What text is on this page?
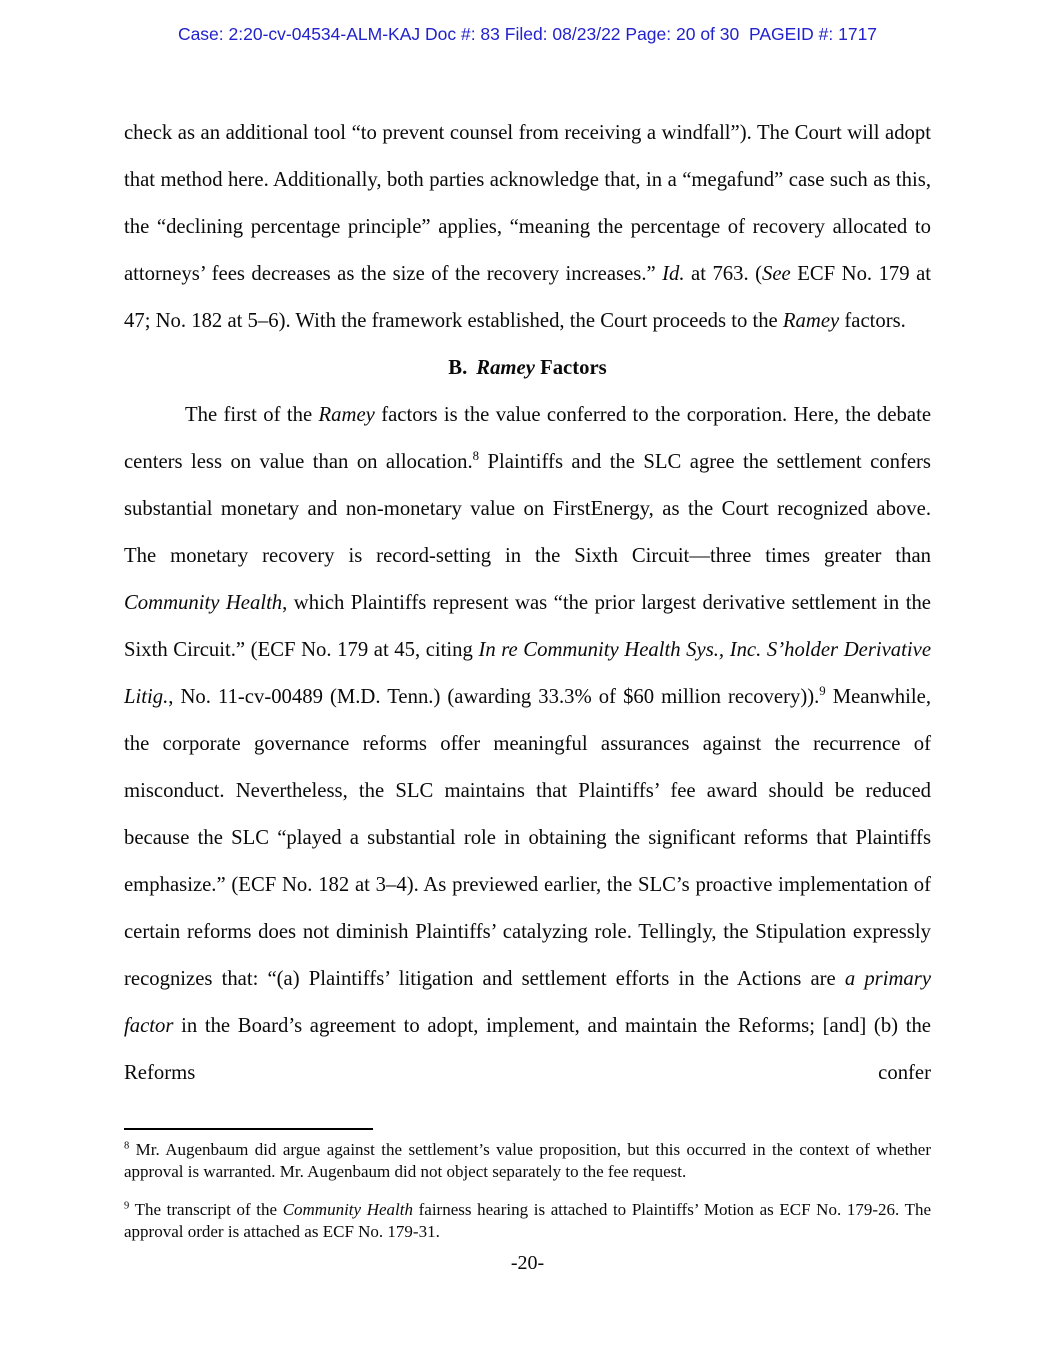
Case: 2:20-cv-04534-ALM-KAJ Doc #: 83 Filed: 08/23/22 Page: 20 of 30  PAGEID #: 1717

check as an additional tool “to prevent counsel from receiving a windfall”). The Court will adopt that method here. Additionally, both parties acknowledge that, in a “megafund” case such as this, the “declining percentage principle” applies, “meaning the percentage of recovery allocated to attorneys’ fees decreases as the size of the recovery increases.” Id. at 763. (See ECF No. 179 at 47; No. 182 at 5–6). With the framework established, the Court proceeds to the Ramey factors.

B. Ramey Factors

The first of the Ramey factors is the value conferred to the corporation. Here, the debate centers less on value than on allocation.$^8$ Plaintiffs and the SLC agree the settlement confers substantial monetary and non-monetary value on FirstEnergy, as the Court recognized above. The monetary recovery is record-setting in the Sixth Circuit—three times greater than Community Health, which Plaintiffs represent was “the prior largest derivative settlement in the Sixth Circuit.” (ECF No. 179 at 45, citing In re Community Health Sys., Inc. S’holder Derivative Litig., No. 11-cv-00489 (M.D. Tenn.) (awarding 33.3% of $60 million recovery)).$^9$ Meanwhile, the corporate governance reforms offer meaningful assurances against the recurrence of misconduct. Nevertheless, the SLC maintains that Plaintiffs’ fee award should be reduced because the SLC “played a substantial role in obtaining the significant reforms that Plaintiffs emphasize.” (ECF No. 182 at 3–4). As previewed earlier, the SLC’s proactive implementation of certain reforms does not diminish Plaintiffs’ catalyzing role. Tellingly, the Stipulation expressly recognizes that: “(a) Plaintiffs’ litigation and settlement efforts in the Actions are a primary factor in the Board’s agreement to adopt, implement, and maintain the Reforms; [and] (b) the Reforms confer

$^8$ Mr. Augenbaum did argue against the settlement’s value proposition, but this occurred in the context of whether approval is warranted. Mr. Augenbaum did not object separately to the fee request.

$^9$ The transcript of the Community Health fairness hearing is attached to Plaintiffs’ Motion as ECF No. 179-26. The approval order is attached as ECF No. 179-31.

-20-
